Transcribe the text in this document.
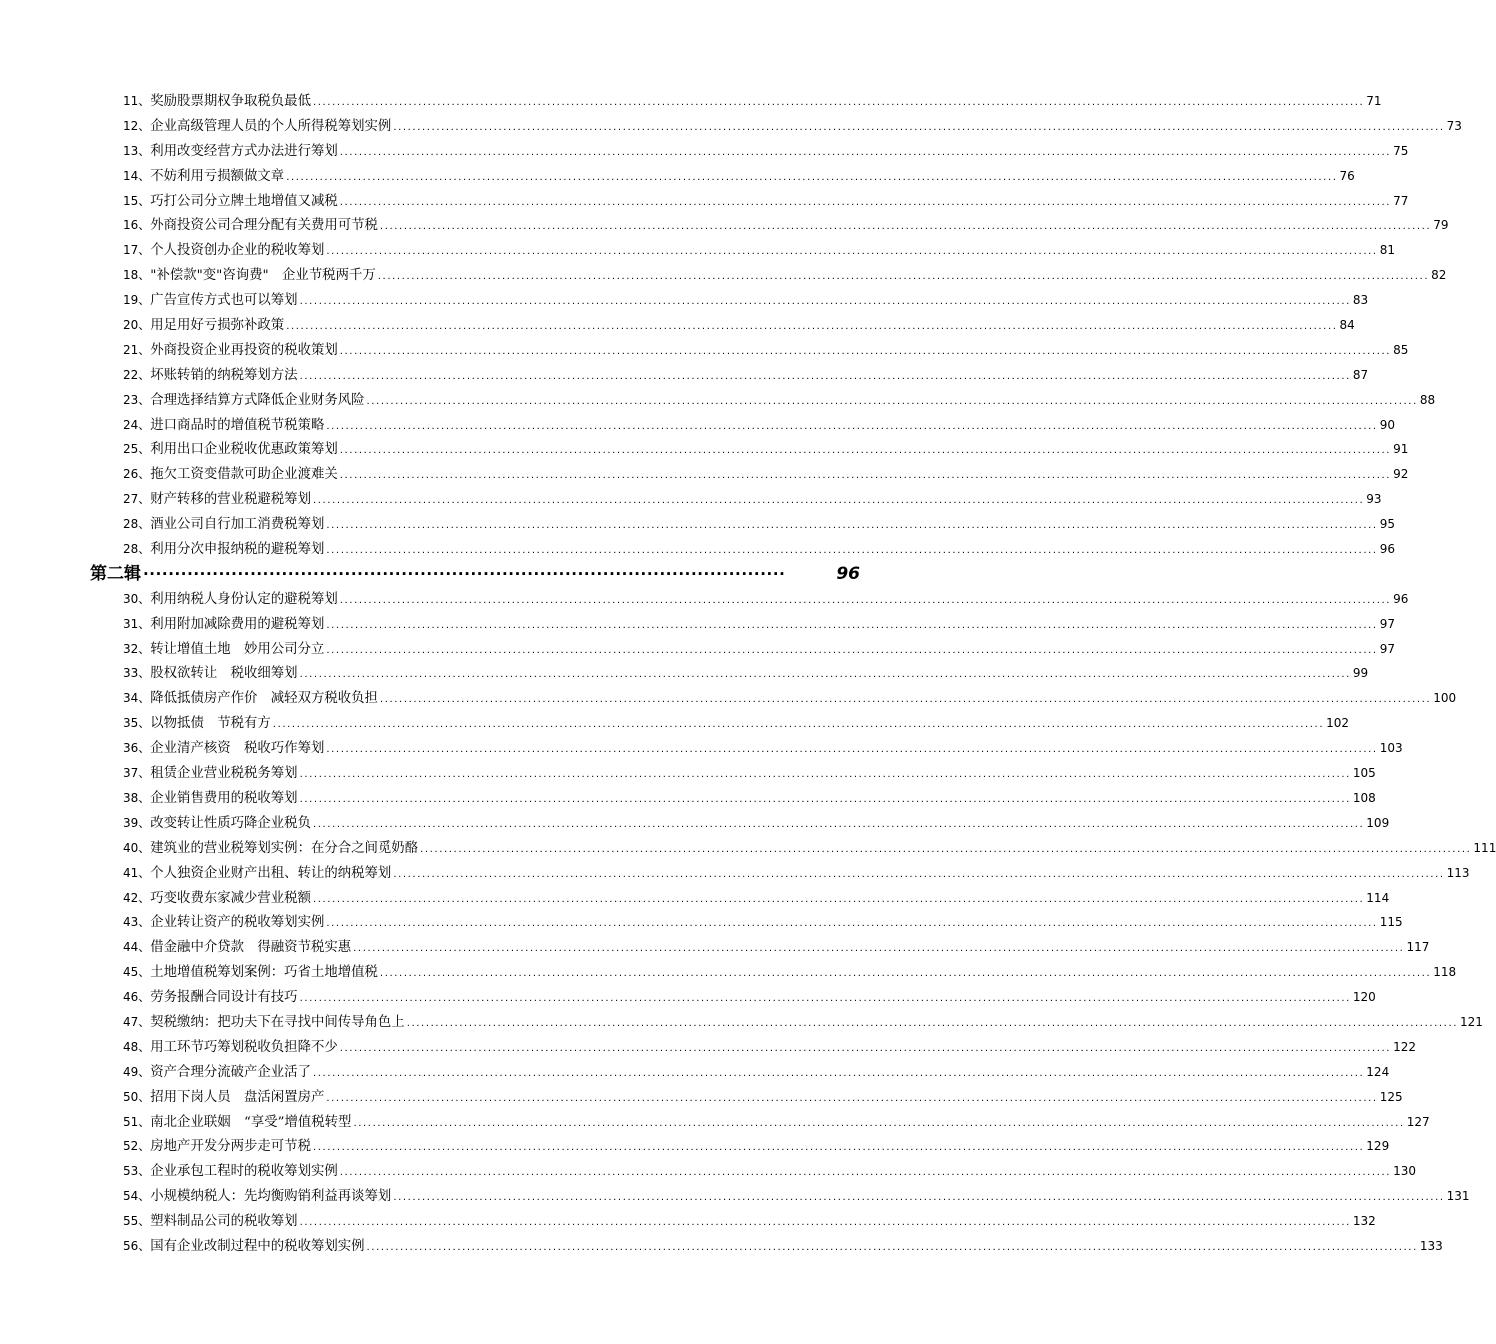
11、 奖励股票期权争取税负最低 ............................................................................................................................................................................................................................ 71
12、 企业高级管理人员的个人所得税筹划实例 ............................................................................................................................................................................................................................ 73
13、 利用改变经营方式办法进行筹划 ............................................................................................................................................................................................................................ 75
14、 不妨利用亏损额做文章 ............................................................................................................................................................................................................................ 76
15、 巧打公司分立牌土地增值又减税 ............................................................................................................................................................................................................................ 77
16、 外商投资公司合理分配有关费用可节税 ............................................................................................................................................................................................................................ 79
17、 个人投资创办企业的税收筹划 ............................................................................................................................................................................................................................ 81
18、 "补偿款"变"咨询费"　企业节税两千万 ............................................................................................................................................................................................................................ 82
19、 广告宣传方式也可以筹划 ............................................................................................................................................................................................................................ 83
20、 用足用好亏损弥补政策 ............................................................................................................................................................................................................................ 84
21、 外商投资企业再投资的税收策划 ............................................................................................................................................................................................................................ 85
22、 坏账转销的纳税筹划方法 ............................................................................................................................................................................................................................ 87
23、 合理选择结算方式降低企业财务风险 ............................................................................................................................................................................................................................ 88
24、 进口商品时的增值税节税策略 ............................................................................................................................................................................................................................ 90
25、 利用出口企业税收优惠政策筹划 ............................................................................................................................................................................................................................ 91
26、 拖欠工资变借款可助企业渡难关 ............................................................................................................................................................................................................................ 92
27、 财产转移的营业税避税筹划 ............................................................................................................................................................................................................................ 93
28、 酒业公司自行加工消费税筹划 ............................................................................................................................................................................................................................ 95
28、 利用分次申报纳税的避税筹划 ............................................................................................................................................................................................................................ 96
第二辑 ······································································································	96
30、 利用纳税人身份认定的避税筹划 ............................................................................................................................................................................................................................ 96
31、 利用附加减除费用的避税筹划 ............................................................................................................................................................................................................................ 97
32、 转让增值土地　妙用公司分立 ............................................................................................................................................................................................................................ 97
33、 股权欲转让　税收细筹划 ............................................................................................................................................................................................................................ 99
34、 降低抵债房产作价　减轻双方税收负担 ............................................................................................................................................................................................................................ 100
35、 以物抵债　节税有方 ............................................................................................................................................................................................................................ 102
36、 企业清产核资　税收巧作筹划 ............................................................................................................................................................................................................................ 103
37、 租赁企业营业税税务筹划 ............................................................................................................................................................................................................................ 105
38、 企业销售费用的税收筹划 ............................................................................................................................................................................................................................ 108
39、 改变转让性质巧降企业税负 ............................................................................................................................................................................................................................ 109
40、 建筑业的营业税筹划实例：在分合之间觅奶酪 ............................................................................................................................................................................................................................ 111
41、 个人独资企业财产出租、转让的纳税筹划 ............................................................................................................................................................................................................................ 113
42、 巧变收费东家减少营业税额 ............................................................................................................................................................................................................................ 114
43、 企业转让资产的税收筹划实例 ............................................................................................................................................................................................................................ 115
44、 借金融中介贷款　得融资节税实惠 ............................................................................................................................................................................................................................ 117
45、 土地增值税筹划案例：巧省土地增值税 ............................................................................................................................................................................................................................ 118
46、 劳务报酬合同设计有技巧 ............................................................................................................................................................................................................................ 120
47、 契税缴纳：把功夫下在寻找中间传导角色上 ............................................................................................................................................................................................................................ 121
48、 用工环节巧筹划税收负担降不少 ............................................................................................................................................................................................................................ 122
49、 资产合理分流破产企业活了 ............................................................................................................................................................................................................................ 124
50、 招用下岗人员　盘活闲置房产 ............................................................................................................................................................................................................................ 125
51、 南北企业联姻　“享受”增值税转型 ............................................................................................................................................................................................................................ 127
52、 房地产开发分两步走可节税 ............................................................................................................................................................................................................................ 129
53、 企业承包工程时的税收筹划实例 ............................................................................................................................................................................................................................ 130
54、 小规模纳税人：先均衡购销利益再谈筹划 ............................................................................................................................................................................................................................ 131
55、 塑料制品公司的税收筹划 ............................................................................................................................................................................................................................ 132
56、 国有企业改制过程中的税收筹划实例 ............................................................................................................................................................................................................................ 133
